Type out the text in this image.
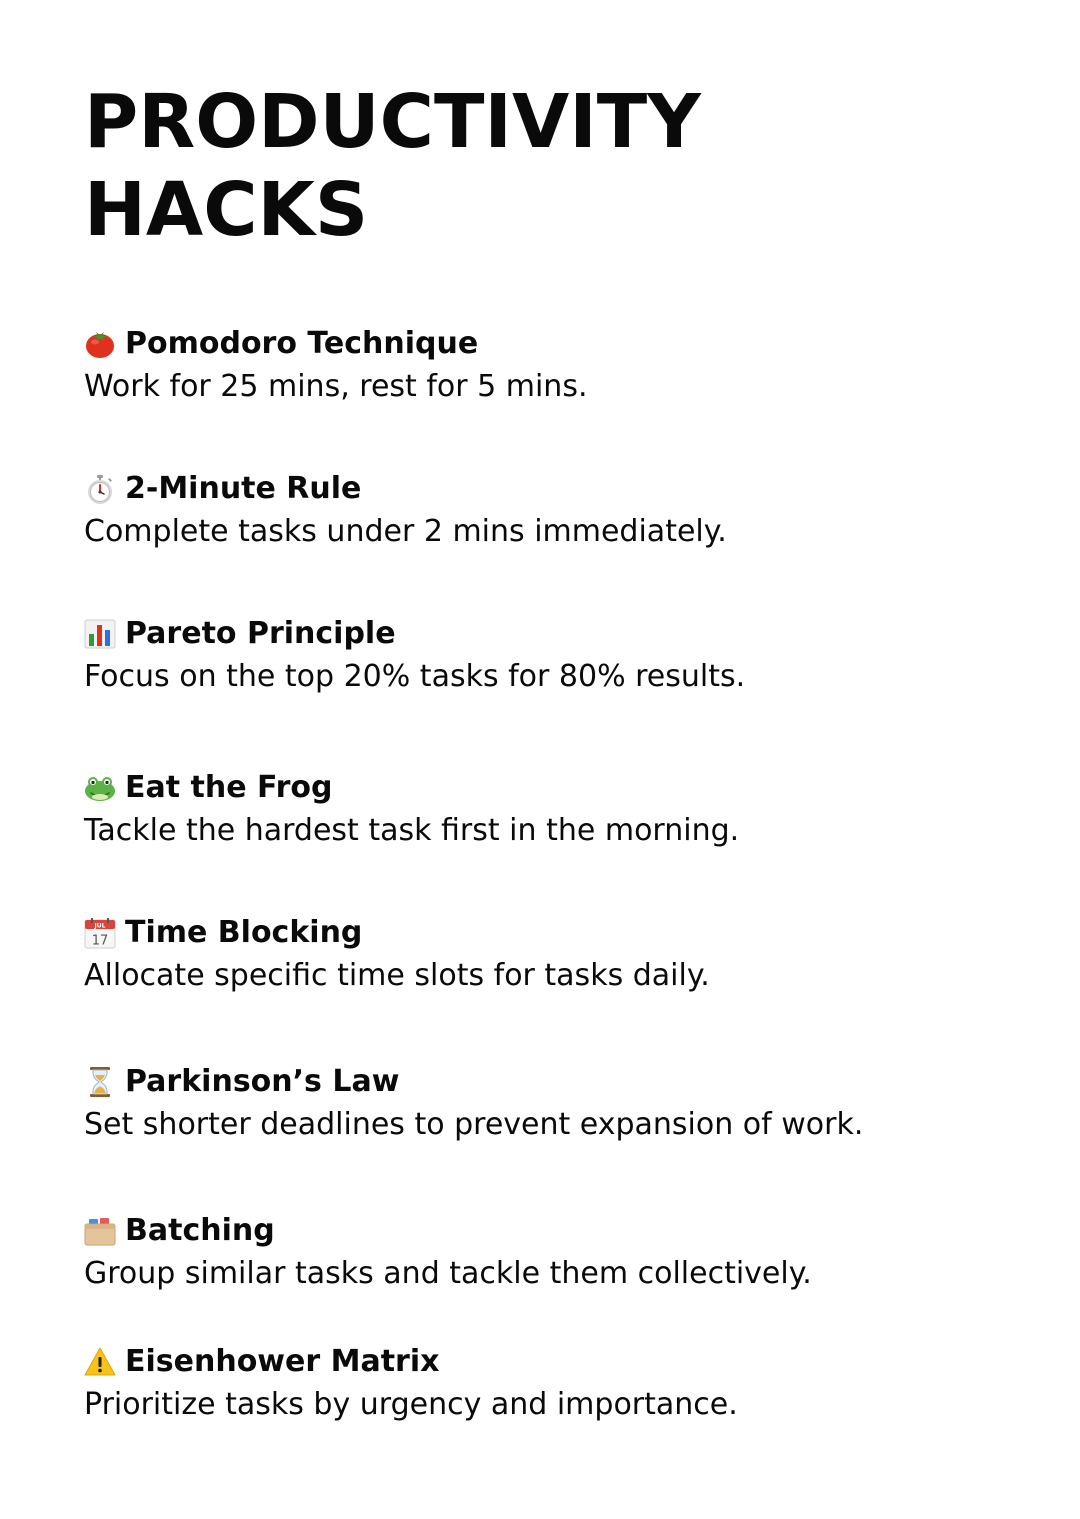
PRODUCTIVITY
HACKS
Pomodoro Technique
Work for 25 mins, rest for 5 mins.
2-Minute Rule
Complete tasks under 2 mins immediately.
Pareto Principle
Focus on the top 20% tasks for 80% results.
Eat the Frog
Tackle the hardest task first in the morning.
JUL
17 Time Blocking
Allocate specific time slots for tasks daily.
Parkinson’s Law
Set shorter deadlines to prevent expansion of work.
Batching
Group similar tasks and tackle them collectively.
Eisenhower Matrix
Prioritize tasks by urgency and importance.
